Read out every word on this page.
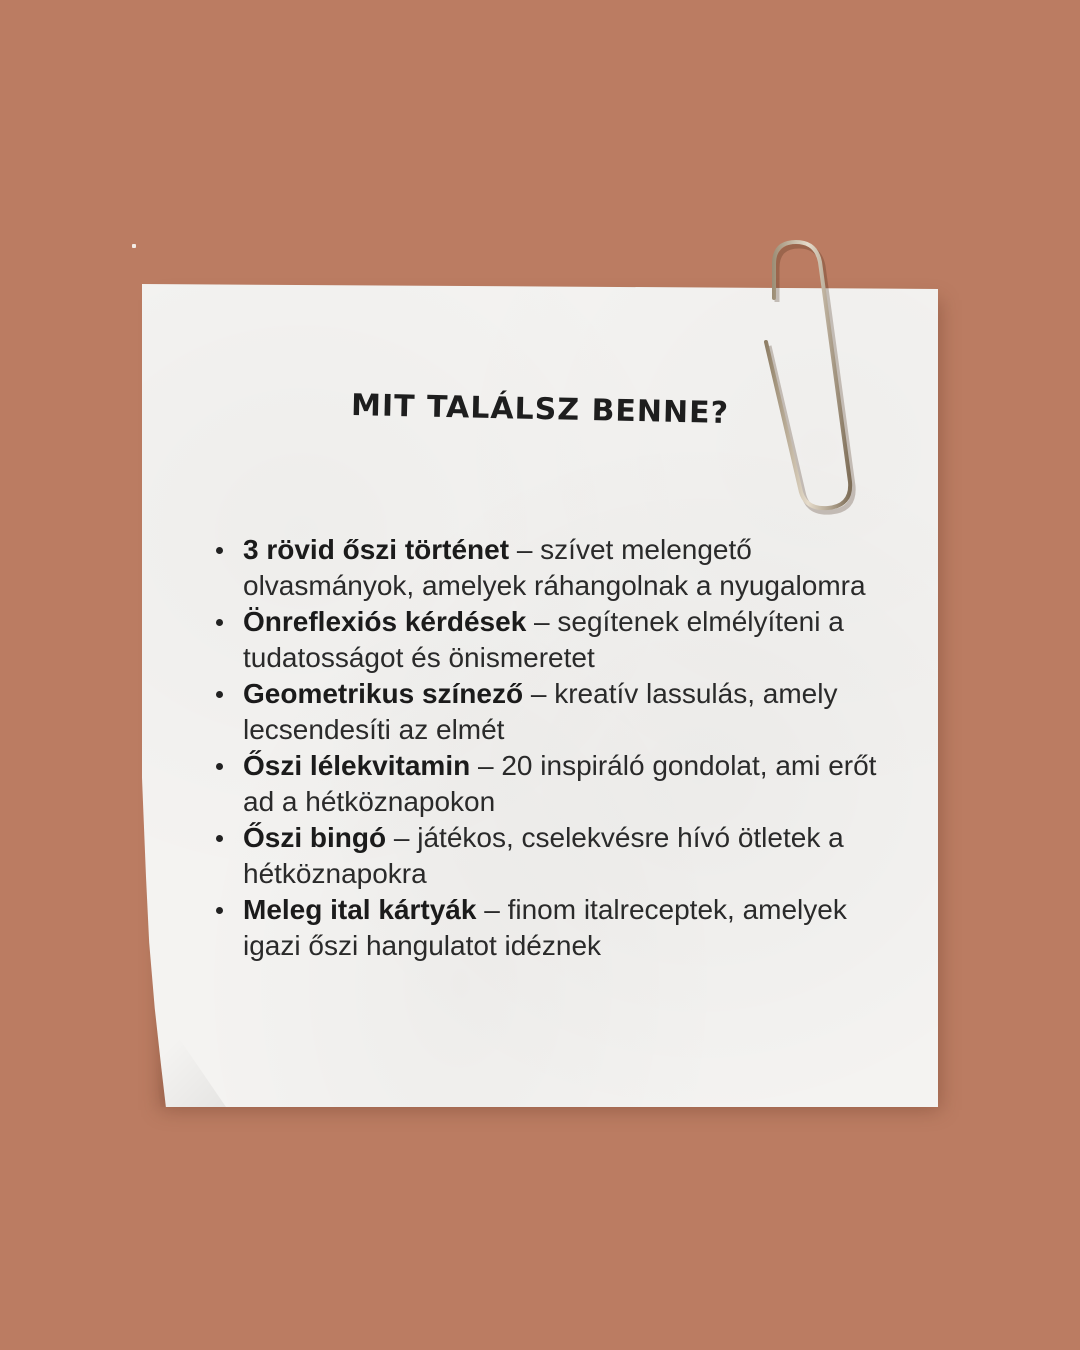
MIT TALÁLSZ BENNE?
3 rövid őszi történet – szívet melengető olvasmányok, amelyek ráhangolnak a nyugalomra
Önreflexiós kérdések – segítenek elmélyíteni a tudatosságot és önismeretet
Geometrikus színező – kreatív lassulás, amely lecsendesíti az elmét
Őszi lélekvitamin – 20 inspiráló gondolat, ami erőt ad a hétköznapokon
Őszi bingó – játékos, cselekvésre hívó ötletek a hétköznapokra
Meleg ital kártyák – finom italreceptek, amelyek igazi őszi hangulatot idéznek
